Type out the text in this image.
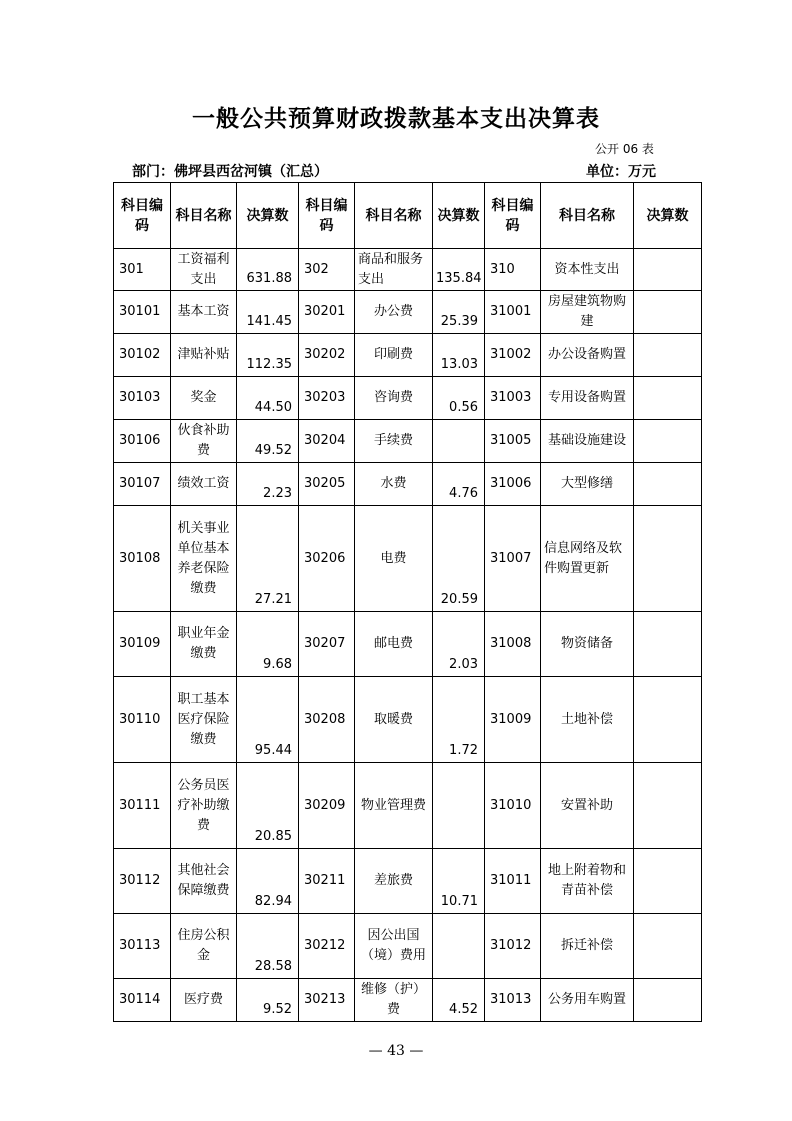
一般公共预算财政拨款基本支出决算表
公开 06 表
部门：佛坪县西岔河镇（汇总）	单位：万元
科目编码	科目名称	决算数	科目编码	科目名称	决算数	科目编码	科目名称	决算数
301	工资福利支出	631.88	302	商品和服务支出	135.84	310	资本性支出	
30101	基本工资	141.45	30201	办公费	25.39	31001	房屋建筑物购建	
30102	津贴补贴	112.35	30202	印刷费	13.03	31002	办公设备购置	
30103	奖金	44.50	30203	咨询费	0.56	31003	专用设备购置	
30106	伙食补助费	49.52	30204	手续费		31005	基础设施建设	
30107	绩效工资	2.23	30205	水费	4.76	31006	大型修缮	
30108	机关事业单位基本养老保险缴费	27.21	30206	电费	20.59	31007	信息网络及软件购置更新	
30109	职业年金缴费	9.68	30207	邮电费	2.03	31008	物资储备	
30110	职工基本医疗保险缴费	95.44	30208	取暖费	1.72	31009	土地补偿	
30111	公务员医疗补助缴费	20.85	30209	物业管理费		31010	安置补助	
30112	其他社会保障缴费	82.94	30211	差旅费	10.71	31011	地上附着物和青苗补偿	
30113	住房公积金	28.58	30212	因公出国（境）费用		31012	拆迁补偿	
30114	医疗费	9.52	30213	维修（护）费	4.52	31013	公务用车购置	
— 43 —
